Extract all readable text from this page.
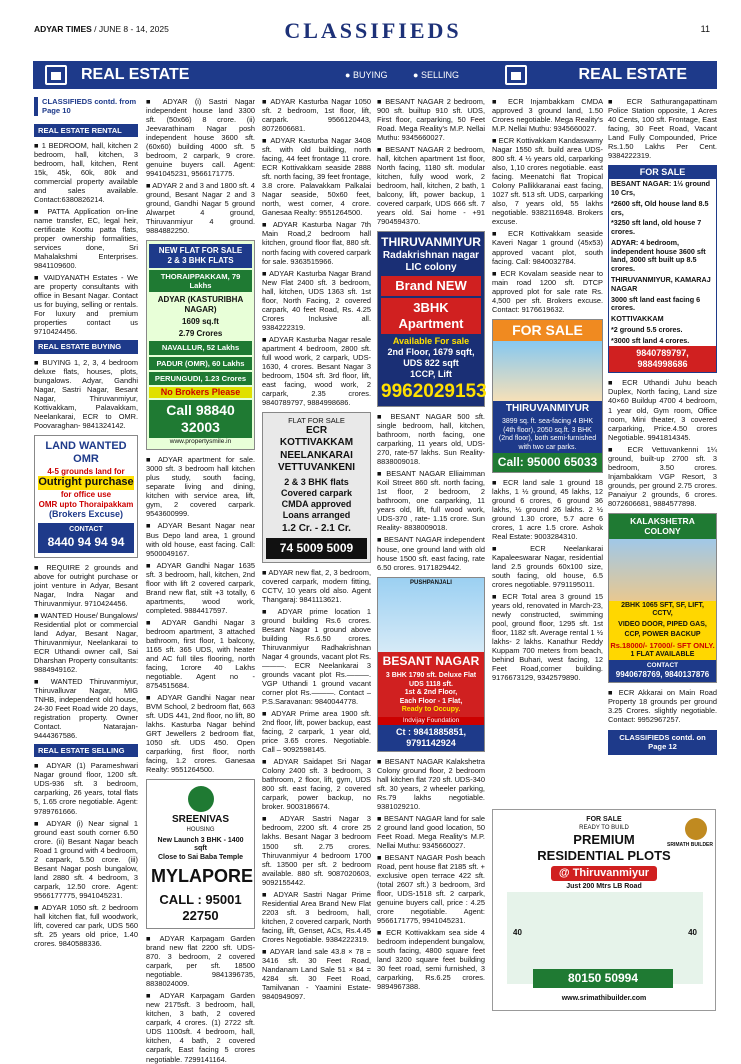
ADYAR TIMES / JUNE 8 - 14, 2025	CLASSIFIEDS	11
REAL ESTATE	● BUYING	● SELLING	REAL ESTATE
CLASSIFIEDS contd. from Page 10
REAL ESTATE RENTAL

■ 1 BEDROOM, hall, kitchen 2 bedroom, hall, kitchen, 3 bedroom, hall, kitchen, Rent 15k, 45k, 60k, 80k and commercial property available and sales available. Contact:6380826214.

■ PATTA Application on-line name transfer, EC, legal heir, certificate Koottu patta flats, proper ownership formalities, services done, Sri Mahalakshmi Enterprises. 9841109600.

■ VAIDYANATH Estates - We are property consultants with office in Besant Nagar. Contact us for buying, selling or rentals. For luxury and premium properties contact us 9710424456.

REAL ESTATE BUYING

■ BUYING 1, 2, 3, 4 bedroom deluxe flats, houses, plots, bungalows. Adyar, Gandhi Nagar, Sastri Nagar, Besant Nagar, Thiruvanmiyur, Kottivakkam, Palavakkam, Neelankarai, ECR to OMR. Poovaraghan- 9841324142.

LAND WANTED
OMR
4-5 grounds land for
Outright purchase
for office use
OMR upto Thoraipakkam
(Brokers Excuse)
CONTACT
8440 94 94 94

■ REQUIRE 2 grounds and above for outright purchase or joint venture in Adyar, Besant Nagar, Indra Nagar and Thiruvanmiyur. 9710424456.

■ WANTED House/ Bungalows/ Residential plot or commercial land Adyar, Besant Nagar, Thiruvanmiyur, Neelankarai to ECR Uthandi owner call, Sai Dharshan Property consultants: 9884949162.

■ WANTED Thiruvanmiyur, Thiruvalluvar Nagar, MIG TNHB, independent old house, 24-30 Feet Road wide 20 days, registration property. Owner Contact. Natarajan-9444367586.

REAL ESTATE SELLING

■ ADYAR (1) Parameshwari Nagar ground floor, 1200 sft. UDS-936 sft. 3 bedroom, carparking, 26 years, total flats 5, 1.65 crore negotiable. Agent: 9789761666.

■ ADYAR (i) Near signal 1 ground east south corner 6.50 crore. (ii) Besant Nagar beach Road 1 ground with 4 bedroom, 2 carpark, 5.50 crore. (iii) Besant Nagar posh bungalow, land 2880 sft. 4 bedroom, 3 carpark, 12.50 crore. Agent: 9566177775, 9941045231.

■ ADYAR 1050 sft. 2 bedroom hall kitchen flat, full woodwork, lift, covered car park, UDS 560 sft. 25 years old price, 1.40 crores. 9840588336.

■ ADYAR (i) Sastri Nagar independent house land 3300 sft. (50x66) 8 crore. (ii) Jeevarathinam Nagar posh independent house 3600 sft. (60x60) building 4000 sft. 5 bedroom, 2 carpark, 9 crore. genuine buyers call. Agent: 9941045231, 9566171775.

■ ADYAR 2 and 3 and 1800 sft. 4 ground, Besant Nagar 2 and 3 ground, Gandhi Nagar 5 ground Alwarpet 4 ground, Thiruvanmiyur 4 ground. 9884882250.

NEW FLAT FOR SALE
2 & 3 BHK FLATS
THORAIPPAKKAM, 79 Lakhs
ADYAR (KASTURIBHA NAGAR)
1609 sq.ft
2.79 Crores
NAVALLUR, 52 Lakhs
PADUR (OMR), 60 Lakhs
PERUNGUDI, 1.23 Crores
No Brokers Please
Call 98840 32003
www.propertysmile.in

■ ADYAR apartment for sale. 3000 sft. 3 bedroom hall kitchen plus study, south facing, separate living and dining, kitchen with service area, lift, gym, 2 covered carpark. 9543600999.

■ ADYAR Besant Nagar near Bus Depo land area, 1 ground with old house, east facing. Call: 9500049167.

■ ADYAR Gandhi Nagar 1635 sft. 3 bedroom, hall, kitchen, 2nd floor with lift 2 covered carpark, Brand new flat, stilt +3 totally, 6 apartments, wood work, completed. 9884417597.

■ ADYAR Gandhi Nagar 3 bedroom apartment, 3 attached bathroom, first floor, 1 balcony, 1165 sft. 365 UDS, with heater and AC full tiles flooring, north facing, 1crore 40 Lakhs negotiable. Agent no - 8754515684.

■ ADYAR Gandhi Nagar near BVM School, 2 bedroom flat, 663 sft. UDS 441, 2nd floor, no lift, 80 lakhs. Kasturba Nagar behind GRT Jewellers 2 bedroom flat, 1050 sft. UDS 450. Open carparking, first floor, north facing, 1.2 crores. Ganesaa Realty: 9551264500.

SREENIVAS
HOUSING
New Launch 3 BHK - 1400 sqft
Close to Sai Baba Temple
MYLAPORE
CALL : 95001 22750

■ ADYAR Karpagam Garden brand new flat 2200 sft. UDS-870. 3 bedroom, 2 covered carpark, per sft. 18500 negotiable. 9841396735, 8838024009.

■ ADYAR Karpagam Garden new 2175sft. 3 bedroom, hall, kitchen, 3 bath, 2 covered carpark, 4 crores. (1) 2722 sft. UDS 1100sft. 4 bedroom, hall, kitchen, 4 bath, 2 covered carpark, East facing 5 crores negotiable. 7299141164.

■ ADYAR Kasturba Nagar 1050 sft. 2 bedroom, 1st floor, lift, carpark. 9566120443, 8072606681.

■ ADYAR Kasturba Nagar 3408 sft. with old building, north facing, 44 feet frontage 11 crore. ECR Kottivakkam seaside 2888 sft. north facing, 39 feet frontage, 3.8 crore. Palavakkam Palkalai Nagar seaside, 50x60 feet, north, west corner, 4 crore. Ganesaa Realty: 9551264500.

■ ADYAR Kasturba Nagar 7th Main Road,2 bedroom hall kitchen, ground floor flat, 880 sft. north facing with covered carpark for sale. 9363515966.

■ ADYAR Kasturba Nagar Brand New Flat 2400 sft. 3 bedroom, hall, kitchen, UDS 1363 sft. 1st floor, North Facing, 2 covered carpark, 40 feet Road, Rs. 4.25 Crores Inclusive all. 9384222319.

■ ADYAR Kasturba Nagar resale apartment 4 bedroom, 2800 sft. full wood work, 2 carpark, UDS-1630, 4 crores. Besant Nagar 3 bedroom, 1504 sft. 3rd floor, lift, east facing, wood work, 2 carpark, 2.35 crores. 9840789797, 9884998686.

FLAT FOR SALE
ECR
KOTTIVAKKAM
NEELANKARAI
VETTUVANKENI
2 & 3 BHK flats
Covered carpark
CMDA approved
Loans arranged
1.2 Cr. - 2.1 Cr.
74 5009 5009

■ ADYAR new flat, 2, 3 bedroom, covered carpark, modern fitting, CCTV, 10 years old also. Agent Thangaraj: 9841113621.

■ ADYAR prime location 1 ground building Rs.6 crores. Besant Nagar 1 ground above building Rs.6.50 crores. Thiruvanmiyur Radhakrishnan Nagar 4 grounds, vacant plot Rs.———. ECR Neelankarai 3 grounds vacant plot Rs.———. VGP Uthandi 1 ground vacant corner plot Rs.———. Contact – P.S.Saravanan: 9840044778.

■ ADYAR Prime area 1900 sft. 2nd floor, lift, power backup, east facing, 2 carpark, 1 year old, price 3.65 crores. Negotiable. Call – 9092598145.

■ ADYAR Saidapet Sri Nagar Colony 2400 sft. 3 bedroom, 3 bathroom, 2 floor, lift, gym, UDS 800 sft. east facing, 2 covered carpark, power backup, no broker. 9003186674.

■ ADYAR Sastri Nagar 3 bedroom, 2200 sft. 4 crore 25 lakhs. Besant Nagar 3 bedroom 1500 sft. 2.75 crores. Thiruvanmiyur 4 bedroom 1700 sft. 13500 per sft. 2 bedroom available. 880 sft. 9087020603, 9092155442.

■ ADYAR Sastri Nagar Prime Residential Area Brand New Flat 2203 sft. 3 bedroom, hall, kitchen, 2 covered carpark, North facing, lift, Genset, ACs, Rs.4.45 Crores Negotiable. 9384222319.

■ ADYAR land sale 43.8 × 78 = 3416 sft. 30 Feet Road, Nandanam Land Sale 51 × 84 = 4284 sft. 30 Feet Road, Tamilvanan - Yaamini Estate-9840949097.

■ BESANT NAGAR 2 bedroom, 900 sft. builtup 910 sft. UDS, First floor, carparking, 50 Feet Road. Mega Reality's M.P. Nellai Muthu: 9345660027.

■ BESANT NAGAR 2 bedroom, hall, kitchen apartment 1st floor, North facing, 1180 sft. modular kitchen, fully wood work, 2 bedroom, hall, kitchen, 2 bath, 1 balcony, lift, power backup, 1 covered carpark, UDS 666 sft. 7 years old. Sai home - +91 7904594370.

THIRUVANMIYUR
Radakrishnan nagar
LIC colony
Brand NEW
3BHK Apartment
Available For sale
2nd Floor, 1679 sqft,
UDS 822 sqft
1CCP, Lift
9962029153

■ BESANT NAGAR 500 sft. single bedroom, hall, kitchen, bathroom, north facing, one carparking, 11 years old, UDS-270, rate-57 lakhs. Sun Reality- 8838009018.

■ BESANT NAGAR Elliaimman Koil Street 860 sft. north facing, 1st floor, 2 bedroom, 2 bathroom, one carparking, 11 years old, lift, full wood work, UDS-370 , rate- 1.15 crore. Sun Reality- 8838009018.

■ BESANT NAGAR independent house, one ground land with old house 1500 sft. east facing, rate 6.50 crores. 9171829442.

PUSHPANJALI
BESANT NAGAR
3 BHK 1790 sft. Deluxe Flat
UDS 1118 sft.
1st & 2nd Floor,
Each Floor - 1 Flat,
Ready to Occupy.
Indvijay Foundation
Ct : 9841885851, 9791142924

■ BESANT NAGAR Kalakshetra Colony ground floor, 2 bedroom hall kitchen flat 720 sft. UDS-340 sft. 30 years, 2 wheeler parking, Rs.79 lakhs negotiable. 9381029210.

■ BESANT NAGAR land for sale 2 ground land good location, 50 Feet Road. Mega Reality's M.P. Nellai Muthu: 9345660027.

■ BESANT NAGAR Posh beach Road, pent house flat 2185 sft. + exclusive open terrace 422 sft. (total 2607 sft.) 3 bedroom, 3rd floor, UDS-1518 sft. 2 carpark, genuine buyers call, price : 4.25 crore negotiable. Agent: 9566171775, 9941045231.

■ ECR Kottivakkam sea side 4 bedroom independent bungalow, south facing, 4800 square feet land 3200 square feet building 30 feet road, semi furnished, 3 carparking, Rs.6.25 crores. 9894967388.

■ ECR Injambakkam CMDA approved 3 ground land, 1.50 Crores negotiable. Mega Reality's M.P. Nellai Muthu: 9345660027.

■ ECR Kottivakkam Kandaswamy Nagar 1550 sft. build area UDS-800 sft. 4 ½ years old, carparking also, 1,10 crores negotiable. east facing. Meenatchi flat Tropical Colony Pallikkaranai east facing, 1027 sft. 513 sft. UDS, carparking also, 7 years old, 55 lakhs negotiable. 9382116948. Brokers excuse.

■ ECR Kottivakkam seaside Kaveri Nagar 1 ground (45x53) approved vacant plot, south facing. Call: 9840032784.

■ ECR Kovalam seaside near to main road 1200 sft. DTCP approved plot for sale rate Rs. 4,500 per sft. Brokers excuse. Contact: 9176619632.

FOR SALE
THIRUVANMIYUR
3899 sq. ft. sea-facing 4 BHK
(4th floor), 2050 sq.ft. 3 BHK
(2nd floor), both semi-furnished
with two car parks.
Call: 95000 65033

■ ECR land sale 1 ground 18 lakhs, 1 ½ ground, 45 lakhs, 12 ground 6 crores, 6 ground 36 lakhs, ½ ground 26 lakhs. 2 ½ ground 1.30 crore, 5.7 acre 6 crores, 1 acre 1.5 crore. Ashok Real Estate: 9003284310.

■ ECR Neelankarai Kapaleeswarar Nagar, residential land 2.5 grounds 60x100 size, south facing, old house, 6.5 crores negotiable. 9791195011.

■ ECR Total area 3 ground 15 years old, renovated in March-23, newly constructed, swimming pool, ground floor, 1295 sft. 1st floor, 1182 sft. Average rental 1 ½ lakhs- 2 lakhs. Kanathur Reddy Kuppam 700 meters from beach, behind Buhari, west facing, 12 Feet Road,corner building. 9176673129, 9342579890.

■ ECR Sathurangapattinam Police Station opposite, 1 Acres 40 Cents, 100 sft. Frontage, East facing, 30 Feet Road, Vacant Land Fully Compounded, Price Rs.1.50 Lakhs Per Cent. 9384222319.

FOR SALE
BESANT NAGAR: 1½ ground 10 Crs,
*2600 sft, Old house land 8.5 crs,
*3250 sft land, old house 7 crores.
ADYAR: 4 bedroom, independent house 3600 sft land, 3000 sft built up 8.5 crores.
THIRUVANMIYUR, KAMARAJ NAGAR
3000 sft land east facing 6 crores.
KOTTIVAKKAM
*2 ground 5.5 crores.
*3000 sft land 4 crores.
9840789797, 9884998686

■ ECR Uthandi Juhu beach Duplex, North facing, Land size 40×60 Buildup 4700 4 bedroom, 1 year old, Gym room, Office room, Mini theater, 3 covered carparking, Price.4.50 crores Negotiable. 9941814345.

■ ECR Vettuvankenni 1¼ ground, built-up 2700 sft. 3 bedroom, 3.50 crores. Injambakkam VGP Resort, 3 grounds, per ground 2.75 crores. Panaiyur 2 grounds, 6 crores. 8072606681, 9884577898.

KALAKSHETRA COLONY
2BHK 1065 SFT, SF, LIFT, CCTV,
VIDEO DOOR, PIPED GAS,
CCP, POWER BACKUP
Rs.18000/- 17000/- SFT ONLY.
1 FLAT AVAILABLE
CONTACT
9940678769, 9840137876

■ ECR Akkarai on Main Road Property 18 grounds per ground 3.25 Crores. slightly negotiable. Contact: 9952967257.

CLASSIFIEDS contd. on Page 12
FOR SALE
READY TO BUILD
PREMIUM
RESIDENTIAL PLOTS
@ Thiruvanmiyur
Just 200 Mtrs LB Road
SRIMATH BUILDER
40	40
80150 50994
www.srimathibuilder.com
